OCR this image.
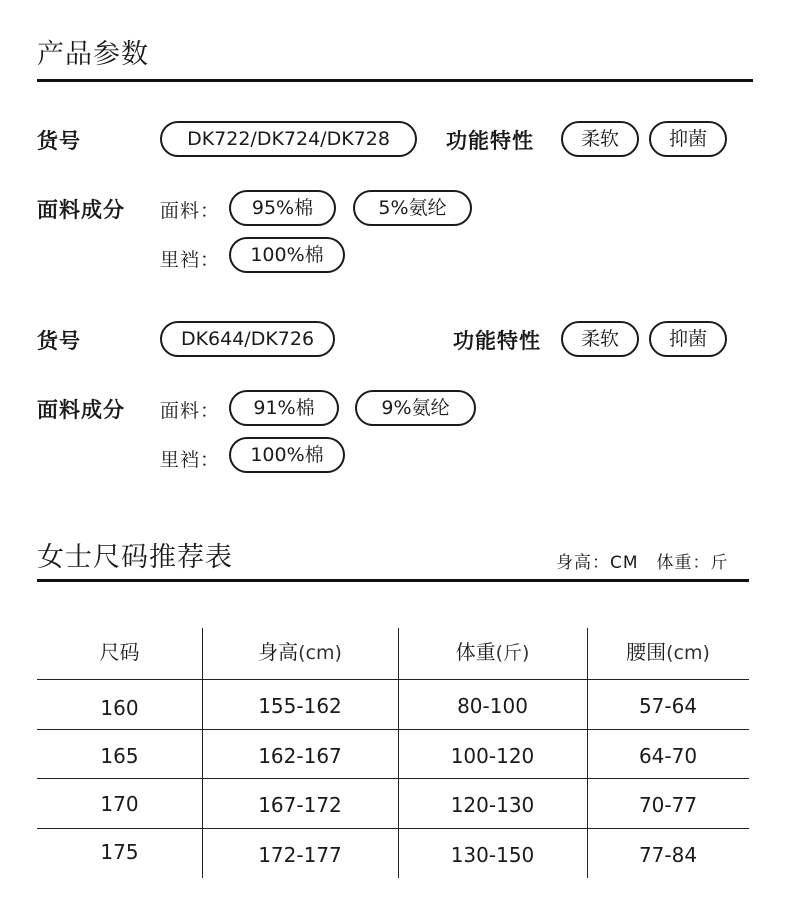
产品参数
货号	DK722/DK724/DK728	功能特性	柔软	抑菌
面料成分 面料：	95%棉	5%氨纶
里裆：	100%棉
货号	DK644/DK726	功能特性	柔软	抑菌
面料成分 面料：	91%棉	9%氨纶
里裆：	100%棉
女士尺码推荐表	身高：CM　体重：斤
尺码	身高(cm)	体重(斤)	腰围(cm)
160	155-162	80-100	57-64
165	162-167	100-120	64-70
170	167-172	120-130	70-77
175	172-177	130-150	77-84
